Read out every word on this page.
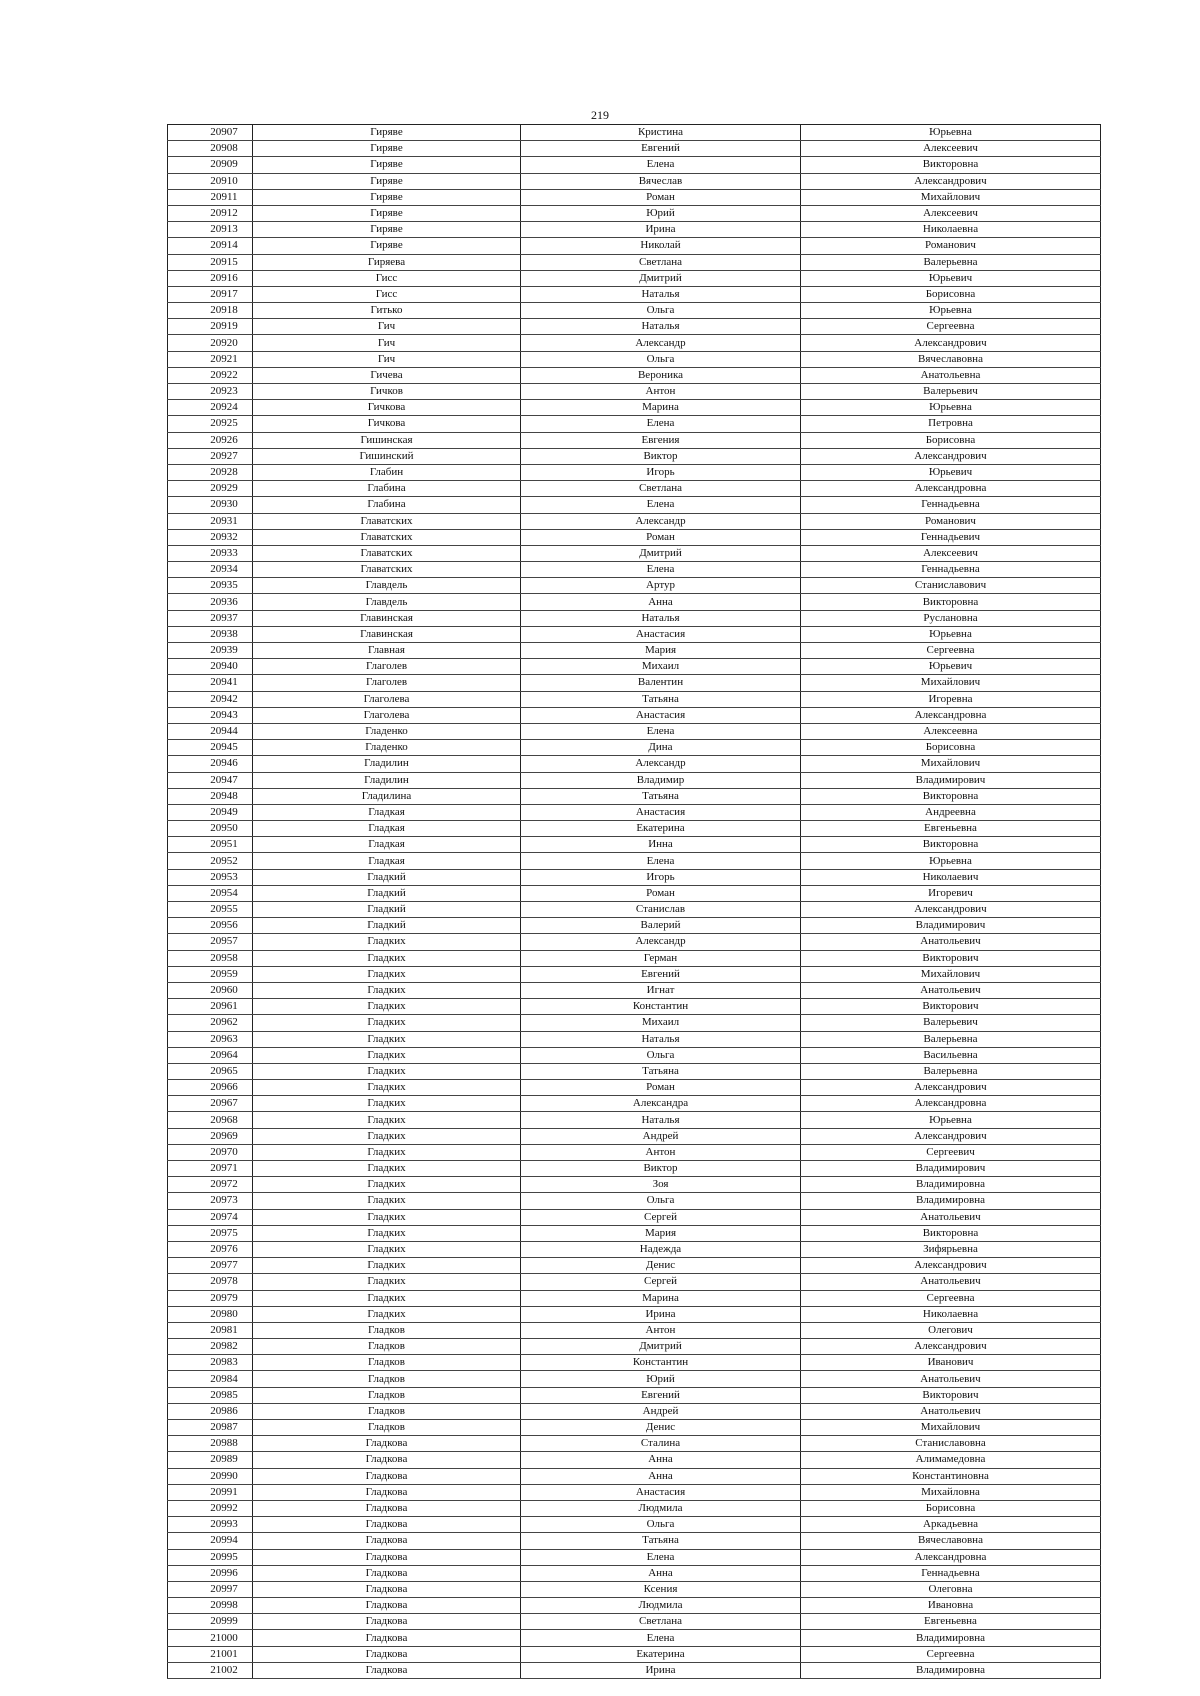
219
20907	Гиряве	Кристина	Юрьевна
20908	Гиряве	Евгений	Алексеевич
20909	Гиряве	Елена	Викторовна
20910	Гиряве	Вячеслав	Александрович
20911	Гиряве	Роман	Михайлович
20912	Гиряве	Юрий	Алексеевич
20913	Гиряве	Ирина	Николаевна
20914	Гиряве	Николай	Романович
20915	Гиряева	Светлана	Валерьевна
20916	Гисс	Дмитрий	Юрьевич
20917	Гисс	Наталья	Борисовна
20918	Гитько	Ольга	Юрьевна
20919	Гич	Наталья	Сергеевна
20920	Гич	Александр	Александрович
20921	Гич	Ольга	Вячеславовна
20922	Гичева	Вероника	Анатольевна
20923	Гичков	Антон	Валерьевич
20924	Гичкова	Марина	Юрьевна
20925	Гичкова	Елена	Петровна
20926	Гишинская	Евгения	Борисовна
20927	Гишинский	Виктор	Александрович
20928	Глабин	Игорь	Юрьевич
20929	Глабина	Светлана	Александровна
20930	Глабина	Елена	Геннадьевна
20931	Главатских	Александр	Романович
20932	Главатских	Роман	Геннадьевич
20933	Главатских	Дмитрий	Алексеевич
20934	Главатских	Елена	Геннадьевна
20935	Главдель	Артур	Станиславович
20936	Главдель	Анна	Викторовна
20937	Главинская	Наталья	Руслановна
20938	Главинская	Анастасия	Юрьевна
20939	Главная	Мария	Сергеевна
20940	Глаголев	Михаил	Юрьевич
20941	Глаголев	Валентин	Михайлович
20942	Глаголева	Татьяна	Игоревна
20943	Глаголева	Анастасия	Александровна
20944	Гладенко	Елена	Алексеевна
20945	Гладенко	Дина	Борисовна
20946	Гладилин	Александр	Михайлович
20947	Гладилин	Владимир	Владимирович
20948	Гладилина	Татьяна	Викторовна
20949	Гладкая	Анастасия	Андреевна
20950	Гладкая	Екатерина	Евгеньевна
20951	Гладкая	Инна	Викторовна
20952	Гладкая	Елена	Юрьевна
20953	Гладкий	Игорь	Николаевич
20954	Гладкий	Роман	Игоревич
20955	Гладкий	Станислав	Александрович
20956	Гладкий	Валерий	Владимирович
20957	Гладких	Александр	Анатольевич
20958	Гладких	Герман	Викторович
20959	Гладких	Евгений	Михайлович
20960	Гладких	Игнат	Анатольевич
20961	Гладких	Константин	Викторович
20962	Гладких	Михаил	Валерьевич
20963	Гладких	Наталья	Валерьевна
20964	Гладких	Ольга	Васильевна
20965	Гладких	Татьяна	Валерьевна
20966	Гладких	Роман	Александрович
20967	Гладких	Александра	Александровна
20968	Гладких	Наталья	Юрьевна
20969	Гладких	Андрей	Александрович
20970	Гладких	Антон	Сергеевич
20971	Гладких	Виктор	Владимирович
20972	Гладких	Зоя	Владимировна
20973	Гладких	Ольга	Владимировна
20974	Гладких	Сергей	Анатольевич
20975	Гладких	Мария	Викторовна
20976	Гладких	Надежда	Зифярьевна
20977	Гладких	Денис	Александрович
20978	Гладких	Сергей	Анатольевич
20979	Гладких	Марина	Сергеевна
20980	Гладких	Ирина	Николаевна
20981	Гладков	Антон	Олегович
20982	Гладков	Дмитрий	Александрович
20983	Гладков	Константин	Иванович
20984	Гладков	Юрий	Анатольевич
20985	Гладков	Евгений	Викторович
20986	Гладков	Андрей	Анатольевич
20987	Гладков	Денис	Михайлович
20988	Гладкова	Сталина	Станиславовна
20989	Гладкова	Анна	Алимамедовна
20990	Гладкова	Анна	Константиновна
20991	Гладкова	Анастасия	Михайловна
20992	Гладкова	Людмила	Борисовна
20993	Гладкова	Ольга	Аркадьевна
20994	Гладкова	Татьяна	Вячеславовна
20995	Гладкова	Елена	Александровна
20996	Гладкова	Анна	Геннадьевна
20997	Гладкова	Ксения	Олеговна
20998	Гладкова	Людмила	Ивановна
20999	Гладкова	Светлана	Евгеньевна
21000	Гладкова	Елена	Владимировна
21001	Гладкова	Екатерина	Сергеевна
21002	Гладкова	Ирина	Владимировна
